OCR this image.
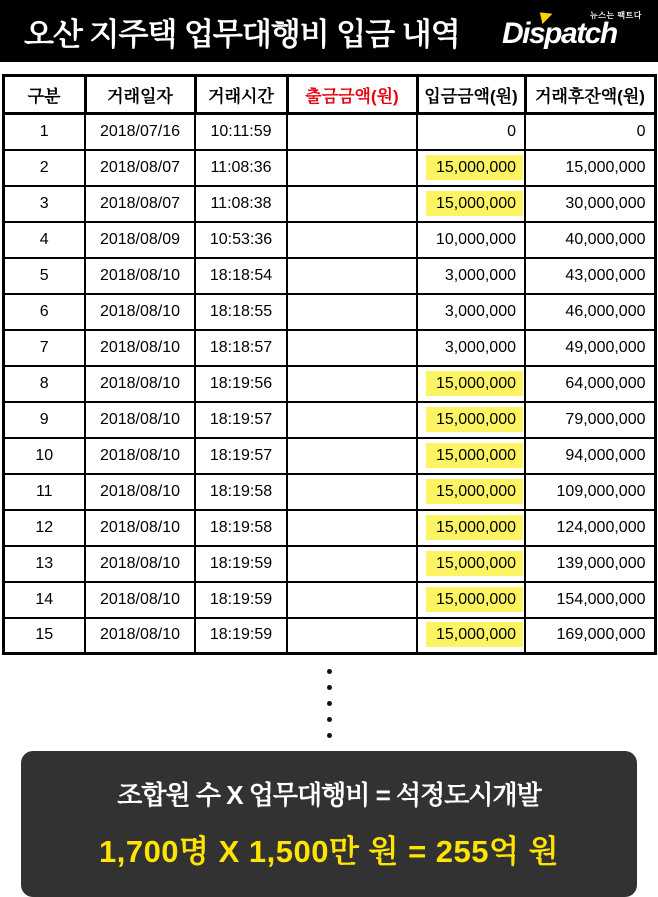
오산 지주택 업무대행비 입금 내역
뉴스는 팩트다
Dispatch
구분	거래일자	거래시간	출금금액(원)	입금금액(원)	거래후잔액(원)
1	2018/07/16	10:11:59		0	0
2	2018/08/07	11:08:36		15,000,000	15,000,000
3	2018/08/07	11:08:38		15,000,000	30,000,000
4	2018/08/09	10:53:36		10,000,000	40,000,000
5	2018/08/10	18:18:54		3,000,000	43,000,000
6	2018/08/10	18:18:55		3,000,000	46,000,000
7	2018/08/10	18:18:57		3,000,000	49,000,000
8	2018/08/10	18:19:56		15,000,000	64,000,000
9	2018/08/10	18:19:57		15,000,000	79,000,000
10	2018/08/10	18:19:57		15,000,000	94,000,000
11	2018/08/10	18:19:58		15,000,000	109,000,000
12	2018/08/10	18:19:58		15,000,000	124,000,000
13	2018/08/10	18:19:59		15,000,000	139,000,000
14	2018/08/10	18:19:59		15,000,000	154,000,000
15	2018/08/10	18:19:59		15,000,000	169,000,000
조합원 수 X 업무대행비 = 석정도시개발
1,700명 X 1,500만 원 = 255억 원
